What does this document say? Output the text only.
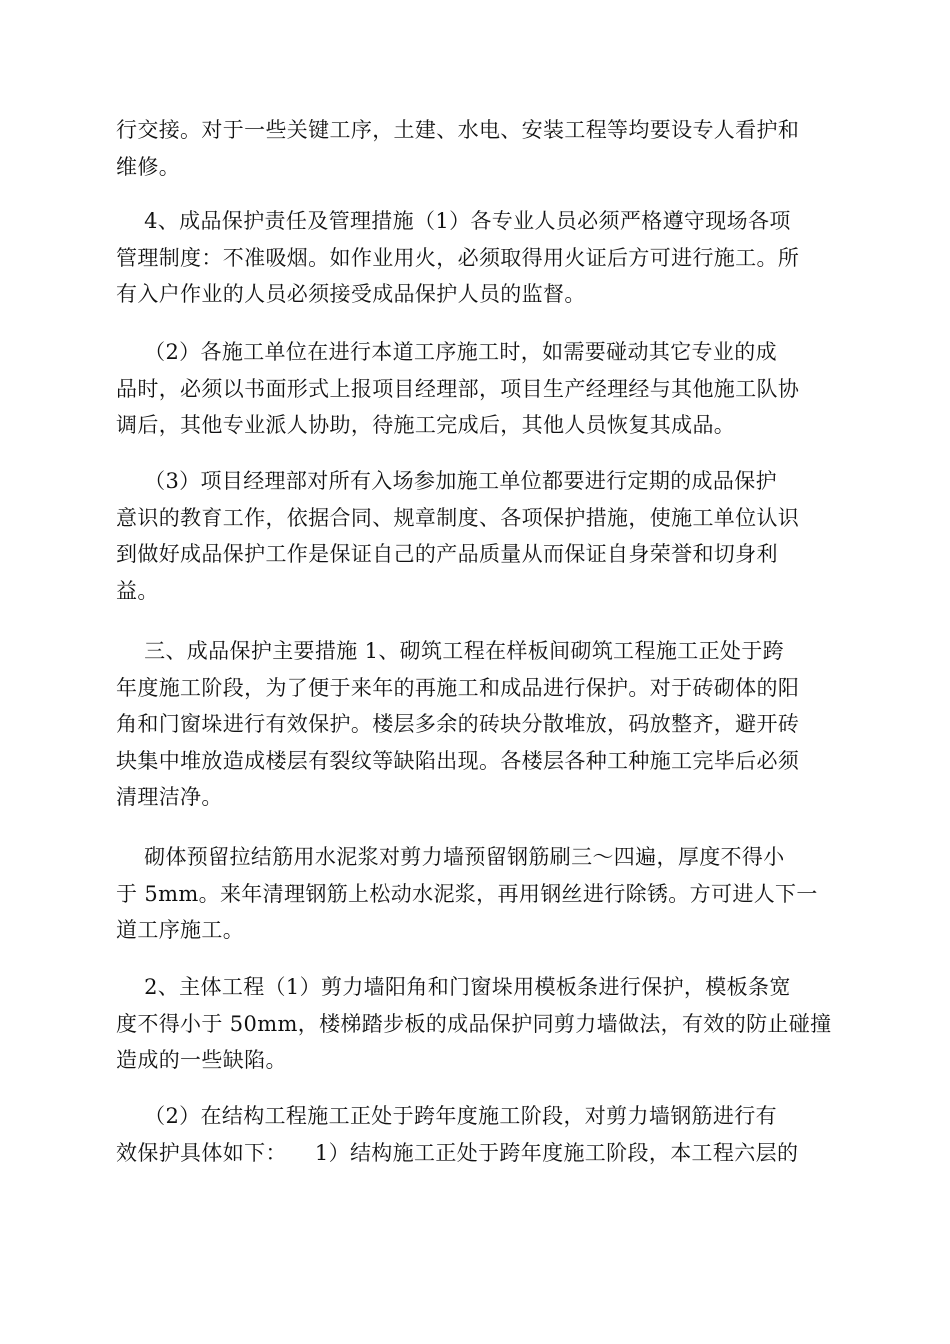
行交接。对于一些关键工序，土建、水电、安装工程等均要设专人看护和
维修。
4、成品保护责任及管理措施（1）各专业人员必须严格遵守现场各项
管理制度：不准吸烟。如作业用火，必须取得用火证后方可进行施工。所
有入户作业的人员必须接受成品保护人员的监督。
（2）各施工单位在进行本道工序施工时，如需要碰动其它专业的成
品时，必须以书面形式上报项目经理部，项目生产经理经与其他施工队协
调后，其他专业派人协助，待施工完成后，其他人员恢复其成品。
（3）项目经理部对所有入场参加施工单位都要进行定期的成品保护
意识的教育工作，依据合同、规章制度、各项保护措施，使施工单位认识
到做好成品保护工作是保证自己的产品质量从而保证自身荣誉和切身利
益。
三、成品保护主要措施 1、砌筑工程在样板间砌筑工程施工正处于跨
年度施工阶段，为了便于来年的再施工和成品进行保护。对于砖砌体的阳
角和门窗垛进行有效保护。楼层多余的砖块分散堆放，码放整齐，避开砖
块集中堆放造成楼层有裂纹等缺陷出现。各楼层各种工种施工完毕后必须
清理洁净。
砌体预留拉结筋用水泥浆对剪力墙预留钢筋刷三～四遍，厚度不得小
于 5mm。来年清理钢筋上松动水泥浆，再用钢丝进行除锈。方可进人下一
道工序施工。
2、主体工程（1）剪力墙阳角和门窗垛用模板条进行保护，模板条宽
度不得小于 50mm，楼梯踏步板的成品保护同剪力墙做法，有效的防止碰撞
造成的一些缺陷。
（2）在结构工程施工正处于跨年度施工阶段，对剪力墙钢筋进行有
效保护具体如下：    1）结构施工正处于跨年度施工阶段，本工程六层的
